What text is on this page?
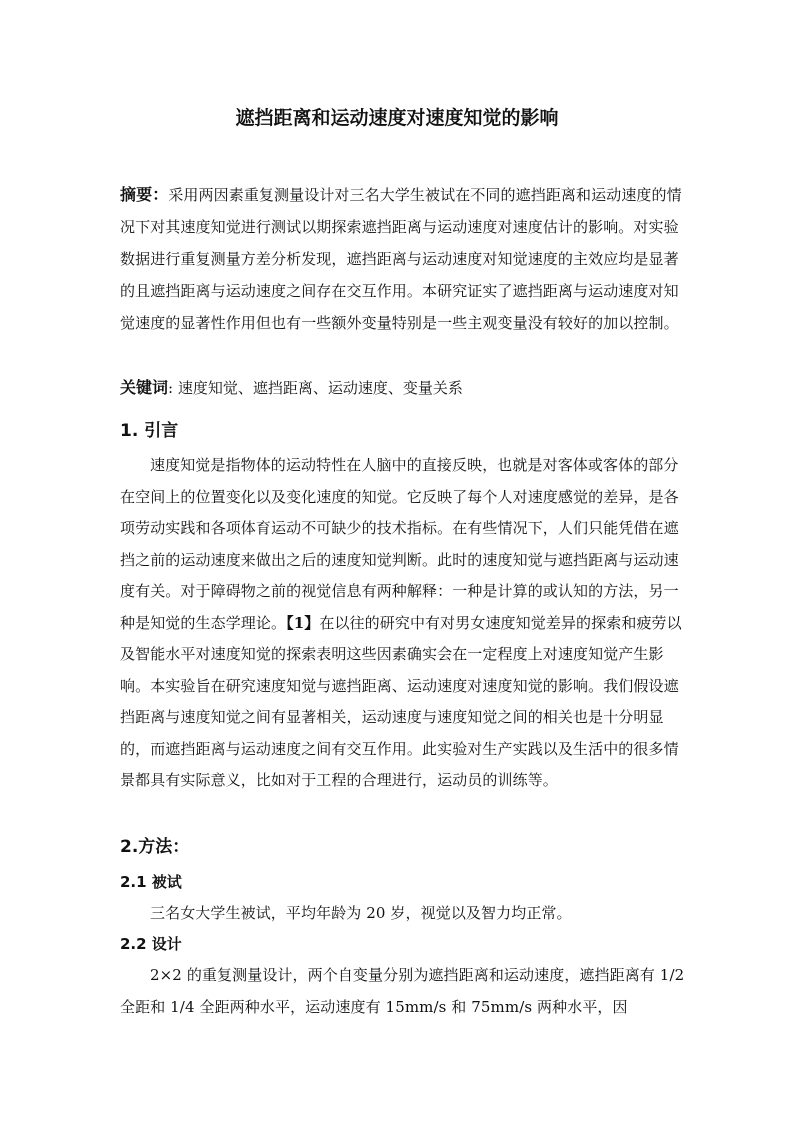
遮挡距离和运动速度对速度知觉的影响
摘要：采用两因素重复测量设计对三名大学生被试在不同的遮挡距离和运动速度的情况下对其速度知觉进行测试以期探索遮挡距离与运动速度对速度估计的影响。对实验数据进行重复测量方差分析发现，遮挡距离与运动速度对知觉速度的主效应均是显著的且遮挡距离与运动速度之间存在交互作用。本研究证实了遮挡距离与运动速度对知觉速度的显著性作用但也有一些额外变量特别是一些主观变量没有较好的加以控制。
关键词: 速度知觉、遮挡距离、运动速度、变量关系
1. 引言
速度知觉是指物体的运动特性在人脑中的直接反映，也就是对客体或客体的部分在空间上的位置变化以及变化速度的知觉。它反映了每个人对速度感觉的差异，是各项劳动实践和各项体育运动不可缺少的技术指标。在有些情况下，人们只能凭借在遮挡之前的运动速度来做出之后的速度知觉判断。此时的速度知觉与遮挡距离与运动速度有关。对于障碍物之前的视觉信息有两种解释：一种是计算的或认知的方法，另一种是知觉的生态学理论。【1】在以往的研究中有对男女速度知觉差异的探索和疲劳以及智能水平对速度知觉的探索表明这些因素确实会在一定程度上对速度知觉产生影响。本实验旨在研究速度知觉与遮挡距离、运动速度对速度知觉的影响。我们假设遮挡距离与速度知觉之间有显著相关，运动速度与速度知觉之间的相关也是十分明显的，而遮挡距离与运动速度之间有交互作用。此实验对生产实践以及生活中的很多情景都具有实际意义，比如对于工程的合理进行，运动员的训练等。
2.方法：
2.1 被试
三名女大学生被试，平均年龄为 20 岁，视觉以及智力均正常。
2.2 设计
2×2 的重复测量设计，两个自变量分别为遮挡距离和运动速度，遮挡距离有 1/2 全距和 1/4 全距两种水平，运动速度有 15mm/s 和 75mm/s 两种水平，因
